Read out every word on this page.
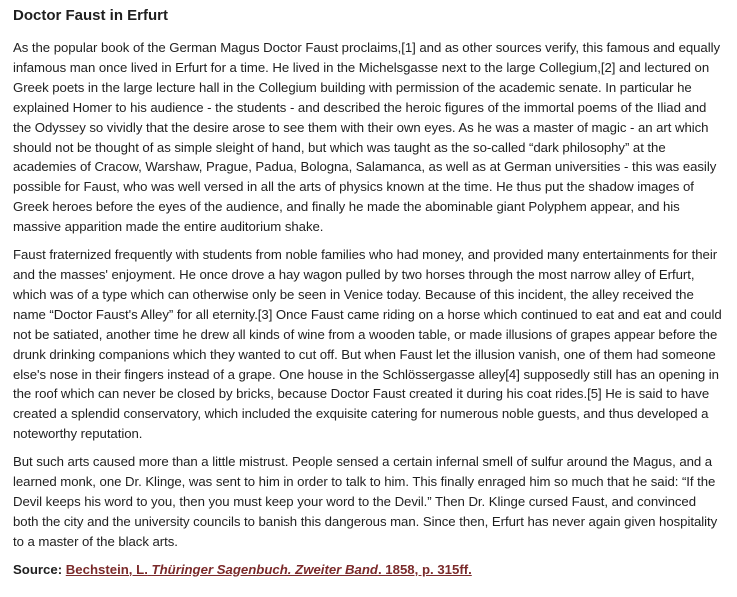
Doctor Faust in Erfurt

As the popular book of the German Magus Doctor Faust proclaims,[1] and as other sources verify, this famous and equally infamous man once lived in Erfurt for a time. He lived in the Michelsgasse next to the large Collegium,[2] and lectured on Greek poets in the large lecture hall in the Collegium building with permission of the academic senate. In particular he explained Homer to his audience - the students - and described the heroic figures of the immortal poems of the Iliad and the Odyssey so vividly that the desire arose to see them with their own eyes. As he was a master of magic - an art which should not be thought of as simple sleight of hand, but which was taught as the so-called “dark philosophy” at the academies of Cracow, Warshaw, Prague, Padua, Bologna, Salamanca, as well as at German universities - this was easily possible for Faust, who was well versed in all the arts of physics known at the time. He thus put the shadow images of Greek heroes before the eyes of the audience, and finally he made the abominable giant Polyphem appear, and his massive apparition made the entire auditorium shake.

Faust fraternized frequently with students from noble families who had money, and provided many entertainments for their and the masses' enjoyment. He once drove a hay wagon pulled by two horses through the most narrow alley of Erfurt, which was of a type which can otherwise only be seen in Venice today. Because of this incident, the alley received the name “Doctor Faust's Alley” for all eternity.[3] Once Faust came riding on a horse which continued to eat and eat and could not be satiated, another time he drew all kinds of wine from a wooden table, or made illusions of grapes appear before the drunk drinking companions which they wanted to cut off. But when Faust let the illusion vanish, one of them had someone else's nose in their fingers instead of a grape. One house in the Schlössergasse alley[4] supposedly still has an opening in the roof which can never be closed by bricks, because Doctor Faust created it during his coat rides.[5] He is said to have created a splendid conservatory, which included the exquisite catering for numerous noble guests, and thus developed a noteworthy reputation.

But such arts caused more than a little mistrust. People sensed a certain infernal smell of sulfur around the Magus, and a learned monk, one Dr. Klinge, was sent to him in order to talk to him. This finally enraged him so much that he said: “If the Devil keeps his word to you, then you must keep your word to the Devil.” Then Dr. Klinge cursed Faust, and convinced both the city and the university councils to banish this dangerous man. Since then, Erfurt has never again given hospitality to a master of the black arts.

Source: Bechstein, L. Thüringer Sagenbuch. Zweiter Band. 1858, p. 315ff.
